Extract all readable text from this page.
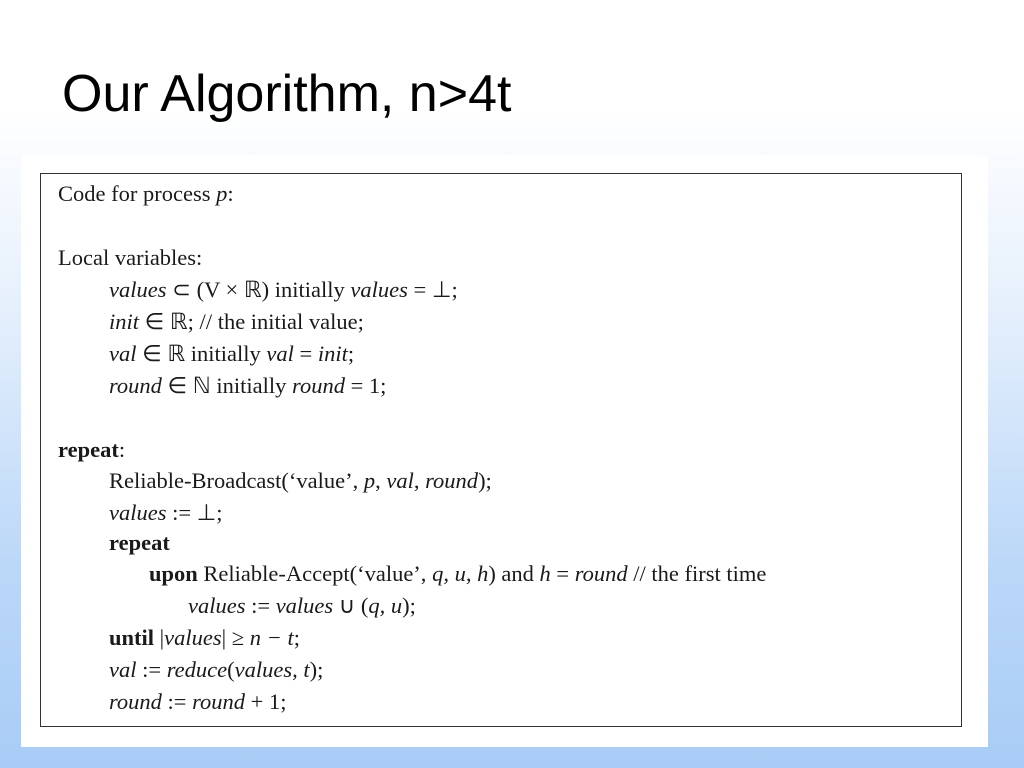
Our Algorithm, n>4t
Code for process p:
Local variables:
values ⊂ (V × ℝ) initially values = ⊥;
init ∈ ℝ; // the initial value;
val ∈ ℝ initially val = init;
round ∈ ℕ initially round = 1;
repeat:
Reliable-Broadcast(‘value’, p, val, round);
values := ⊥;
repeat
upon Reliable-Accept(‘value’, q, u, h) and h = round // the first time
values := values ∪ (q, u);
until |values| ≥ n − t;
val := reduce(values, t);
round := round + 1;
